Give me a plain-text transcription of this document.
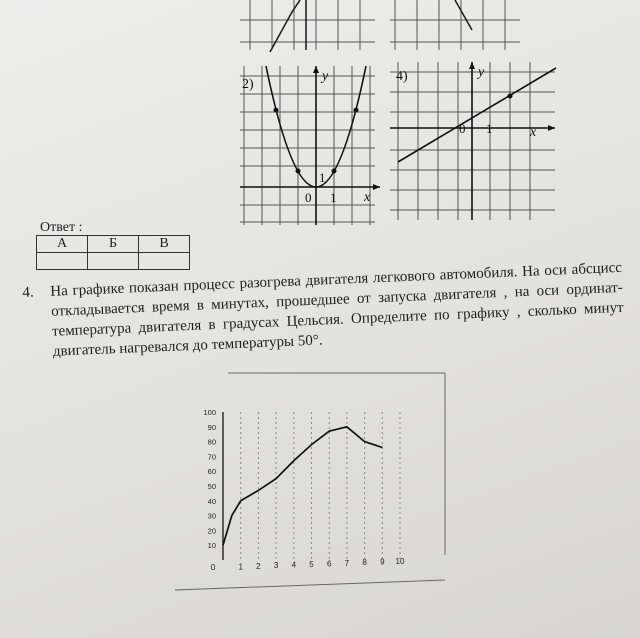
2)
y
x
0 1
1
4)	y
x
0 1
Ответ :
А	Б	В

4. На графике показан процесс разогрева двигателя легкового автомобиля. На оси абсцисс откладывается время в минутах, прошедшее от запуска двигателя , на оси ординат- температура двигателя в градусах Цельсия. Определите по графику , сколько минут двигатель нагревался до температуры 50°.
10
20
30
40
50
60
70
80
90
100
0	1 2 3 4 5 6 7 8 9 10
